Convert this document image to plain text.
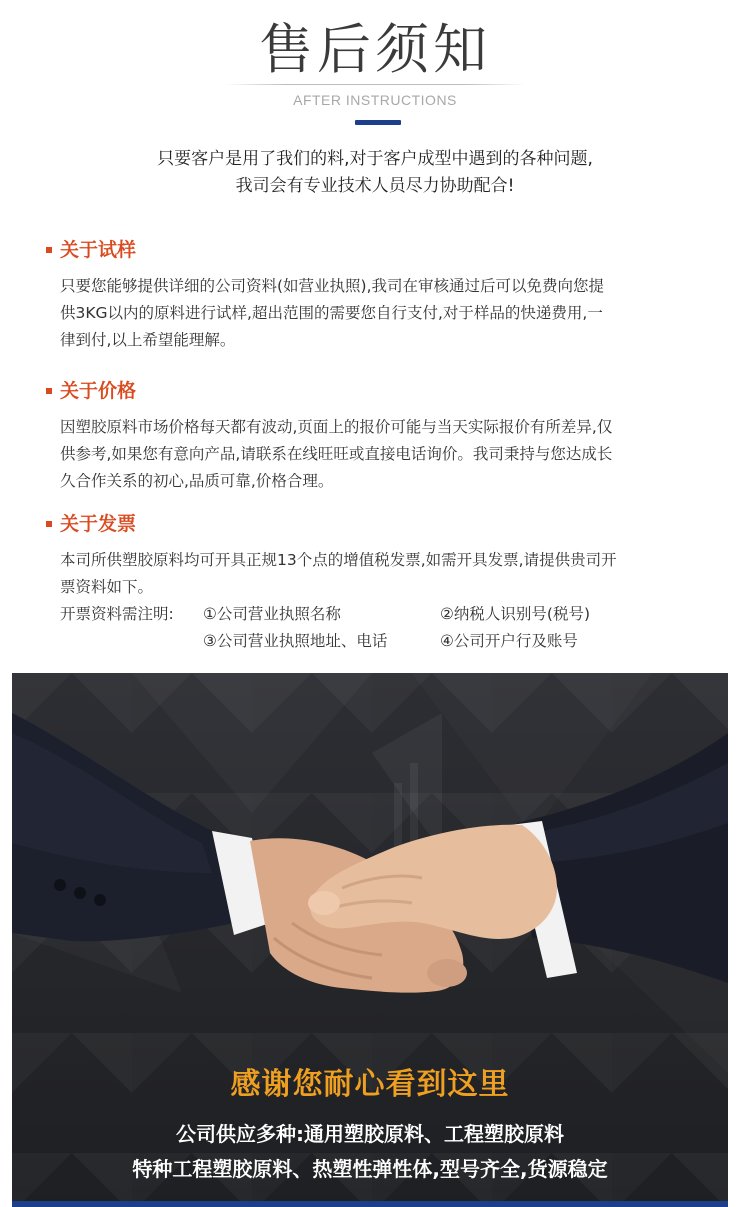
售后须知
AFTER INSTRUCTIONS
只要客户是用了我们的料,对于客户成型中遇到的各种问题,
我司会有专业技术人员尽力协助配合!
关于试样
只要您能够提供详细的公司资料(如营业执照),我司在审核通过后可以免费向您提
供3KG以内的原料进行试样,超出范围的需要您自行支付,对于样品的快递费用,一
律到付,以上希望能理解。
关于价格
因塑胶原料市场价格每天都有波动,页面上的报价可能与当天实际报价有所差异,仅
供参考,如果您有意向产品,请联系在线旺旺或直接电话询价。我司秉持与您达成长
久合作关系的初心,品质可靠,价格合理。
关于发票
本司所供塑胶原料均可开具正规13个点的增值税发票,如需开具发票,请提供贵司开
票资料如下。
开票资料需注明: ①公司营业执照名称	②纳税人识别号(税号)
③公司营业执照地址、电话	④公司开户行及账号
感谢您耐心看到这里
公司供应多种:通用塑胶原料、工程塑胶原料
特种工程塑胶原料、热塑性弹性体,型号齐全,货源稳定
